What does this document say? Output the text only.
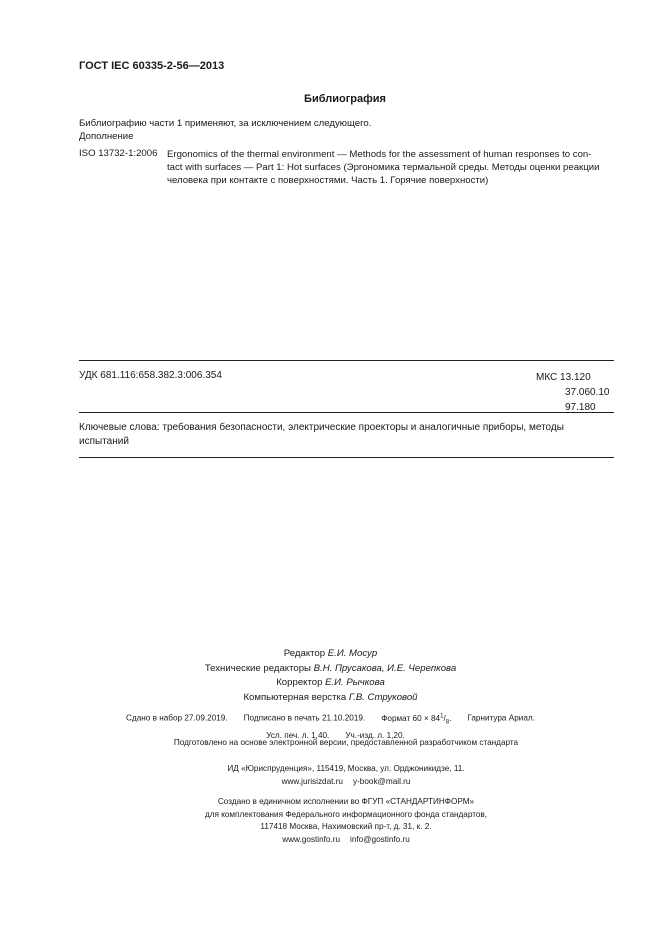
ГОСТ IEC 60335-2-56—2013
Библиография
Библиографию части 1 применяют, за исключением следующего.
Дополнение
ISO 13732-1:2006 Ergonomics of the thermal environment — Methods for the assessment of human responses to con-
tact with surfaces — Part 1: Hot surfaces (Эргономика термальной среды. Методы оценки реакции
человека при контакте с поверхностями. Часть 1. Горячие поверхности)
УДК 681.116:658.382.3:006.354	МКС 13.120
37.060.10
97.180
Ключевые слова: требования безопасности, электрические проекторы и аналогичные приборы, методы испытаний
Редактор Е.И. Мосур
Технические редакторы В.Н. Прусакова, И.Е. Черепкова
Корректор Е.И. Рычкова
Компьютерная верстка Г.В. Струковой
Сдано в набор 27.09.2019. Подписано в печать 21.10.2019. Формат $60 \times 84^1/_8$. Гарнитура Ариал.
Усл. печ. л. 1,40. Уч.-изд. л. 1,20.
Подготовлено на основе электронной версии, предоставленной разработчиком стандарта
ИД «Юриспруденция», 115419, Москва, ул. Орджоникидзе, 11.
www.jurisizdat.ru y-book@mail.ru
Создано в единичном исполнении во ФГУП «СТАНДАРТИНФОРМ»
для комплектования Федерального информационного фонда стандартов,
117418 Москва, Нахимовский пр-т, д. 31, к. 2.
www.gostinfo.ru info@gostinfo.ru
